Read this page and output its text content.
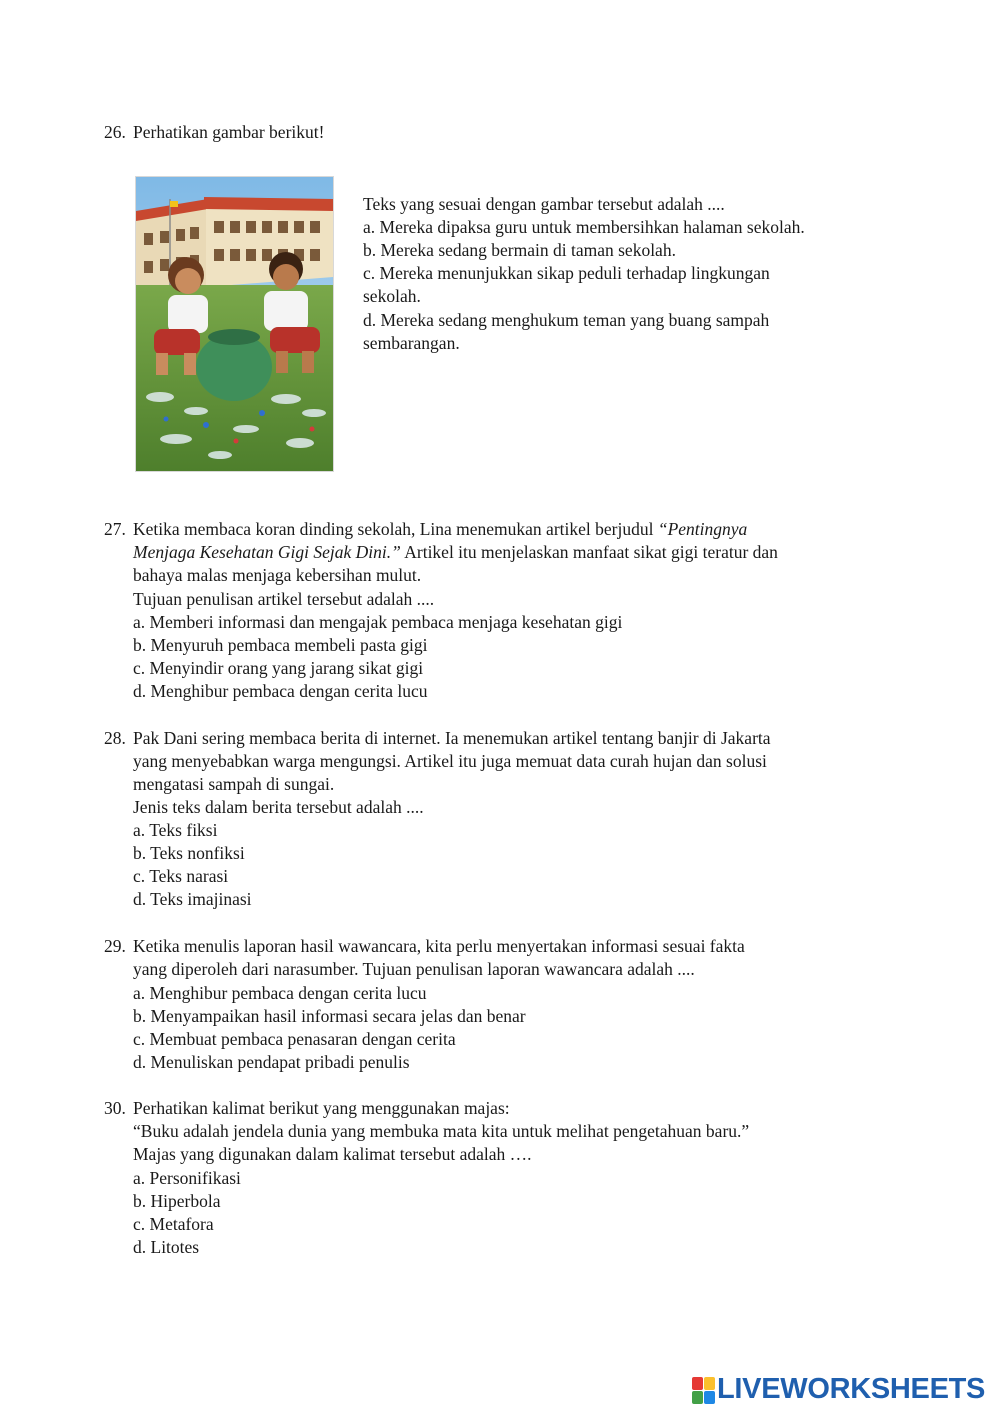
26. Perhatikan gambar berikut!
Teks yang sesuai dengan gambar tersebut adalah ....
a. Mereka dipaksa guru untuk membersihkan halaman sekolah.
b. Mereka sedang bermain di taman sekolah.
c. Mereka menunjukkan sikap peduli terhadap lingkungan
sekolah.
d. Mereka sedang menghukum teman yang buang sampah
sembarangan.
27. Ketika membaca koran dinding sekolah, Lina menemukan artikel berjudul “Pentingnya
Menjaga Kesehatan Gigi Sejak Dini.” Artikel itu menjelaskan manfaat sikat gigi teratur dan
bahaya malas menjaga kebersihan mulut.
Tujuan penulisan artikel tersebut adalah ....
a. Memberi informasi dan mengajak pembaca menjaga kesehatan gigi
b. Menyuruh pembaca membeli pasta gigi
c. Menyindir orang yang jarang sikat gigi
d. Menghibur pembaca dengan cerita lucu
28. Pak Dani sering membaca berita di internet. Ia menemukan artikel tentang banjir di Jakarta
yang menyebabkan warga mengungsi. Artikel itu juga memuat data curah hujan dan solusi
mengatasi sampah di sungai.
Jenis teks dalam berita tersebut adalah ....
a. Teks fiksi
b. Teks nonfiksi
c. Teks narasi
d. Teks imajinasi
29. Ketika menulis laporan hasil wawancara, kita perlu menyertakan informasi sesuai fakta
yang diperoleh dari narasumber. Tujuan penulisan laporan wawancara adalah ....
a. Menghibur pembaca dengan cerita lucu
b. Menyampaikan hasil informasi secara jelas dan benar
c. Membuat pembaca penasaran dengan cerita
d. Menuliskan pendapat pribadi penulis
30. Perhatikan kalimat berikut yang menggunakan majas:
“Buku adalah jendela dunia yang membuka mata kita untuk melihat pengetahuan baru.”
Majas yang digunakan dalam kalimat tersebut adalah ….
a. Personifikasi
b. Hiperbola
c. Metafora
d. Litotes
LIVEWORKSHEETS
